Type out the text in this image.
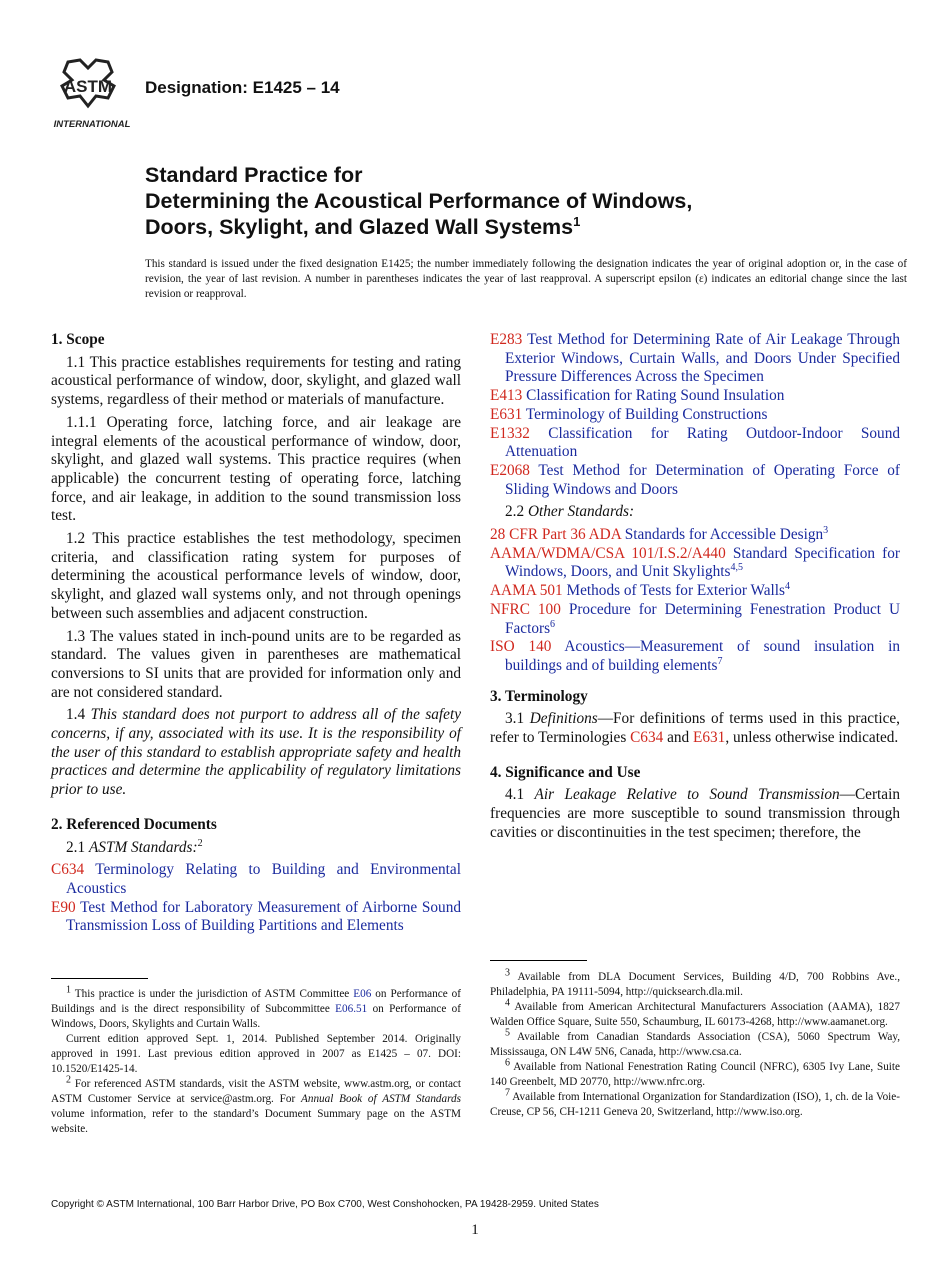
ASTM
INTERNATIONAL
Designation: E1425 – 14
Standard Practice for
Determining the Acoustical Performance of Windows,
Doors, Skylight, and Glazed Wall Systems$^1$
This standard is issued under the fixed designation E1425; the number immediately following the designation indicates the year of original adoption or, in the case of revision, the year of last revision. A number in parentheses indicates the year of last reapproval. A superscript epsilon (ε) indicates an editorial change since the last revision or reapproval.
1. Scope

1.1 This practice establishes requirements for testing and rating acoustical performance of window, door, skylight, and glazed wall systems, regardless of their method or materials of manufacture.

1.1.1 Operating force, latching force, and air leakage are integral elements of the acoustical performance of window, door, skylight, and glazed wall systems. This practice requires (when applicable) the concurrent testing of operating force, latching force, and air leakage, in addition to the sound transmission loss test.

1.2 This practice establishes the test methodology, specimen criteria, and classification rating system for purposes of determining the acoustical performance levels of window, door, skylight, and glazed wall systems only, and not through openings between such assemblies and adjacent construction.

1.3 The values stated in inch-pound units are to be regarded as standard. The values given in parentheses are mathematical conversions to SI units that are provided for information only and are not considered standard.

1.4 This standard does not purport to address all of the safety concerns, if any, associated with its use. It is the responsibility of the user of this standard to establish appropriate safety and health practices and determine the applicability of regulatory limitations prior to use.

2. Referenced Documents

2.1 ASTM Standards:$^2$

C634 Terminology Relating to Building and Environmental Acoustics
E90 Test Method for Laboratory Measurement of Airborne Sound Transmission Loss of Building Partitions and Elements
E283 Test Method for Determining Rate of Air Leakage Through Exterior Windows, Curtain Walls, and Doors Under Specified Pressure Differences Across the Specimen
E413 Classification for Rating Sound Insulation
E631 Terminology of Building Constructions
E1332 Classification for Rating Outdoor-Indoor Sound Attenuation
E2068 Test Method for Determination of Operating Force of Sliding Windows and Doors

2.2 Other Standards:

28 CFR Part 36 ADA Standards for Accessible Design$^3$
AAMA/WDMA/CSA 101/I.S.2/A440 Standard Specification for Windows, Doors, and Unit Skylights$^{4,5}$
AAMA 501 Methods of Tests for Exterior Walls$^4$
NFRC 100 Procedure for Determining Fenestration Product U Factors$^6$
ISO 140 Acoustics—Measurement of sound insulation in buildings and of building elements$^7$
3. Terminology

3.1 Definitions—For definitions of terms used in this practice, refer to Terminologies C634 and E631, unless otherwise indicated.

4. Significance and Use

4.1 Air Leakage Relative to Sound Transmission—Certain frequencies are more susceptible to sound transmission through cavities or discontinuities in the test specimen; therefore, the

$^1$ This practice is under the jurisdiction of ASTM Committee E06 on Performance of Buildings and is the direct responsibility of Subcommittee E06.51 on Performance of Windows, Doors, Skylights and Curtain Walls.

Current edition approved Sept. 1, 2014. Published September 2014. Originally approved in 1991. Last previous edition approved in 2007 as E1425 – 07. DOI: 10.1520/E1425-14.

$^2$ For referenced ASTM standards, visit the ASTM website, www.astm.org, or contact ASTM Customer Service at service@astm.org. For Annual Book of ASTM Standards volume information, refer to the standard’s Document Summary page on the ASTM website.

$^3$ Available from DLA Document Services, Building 4/D, 700 Robbins Ave., Philadelphia, PA 19111-5094, http://quicksearch.dla.mil.

$^4$ Available from American Architectural Manufacturers Association (AAMA), 1827 Walden Office Square, Suite 550, Schaumburg, IL 60173-4268, http://www.aamanet.org.

$^5$ Available from Canadian Standards Association (CSA), 5060 Spectrum Way, Mississauga, ON L4W 5N6, Canada, http://www.csa.ca.

$^6$ Available from National Fenestration Rating Council (NFRC), 6305 Ivy Lane, Suite 140 Greenbelt, MD 20770, http://www.nfrc.org.

$^7$ Available from International Organization for Standardization (ISO), 1, ch. de la Voie-Creuse, CP 56, CH-1211 Geneva 20, Switzerland, http://www.iso.org.

Copyright © ASTM International, 100 Barr Harbor Drive, PO Box C700, West Conshohocken, PA 19428-2959. United States
1
